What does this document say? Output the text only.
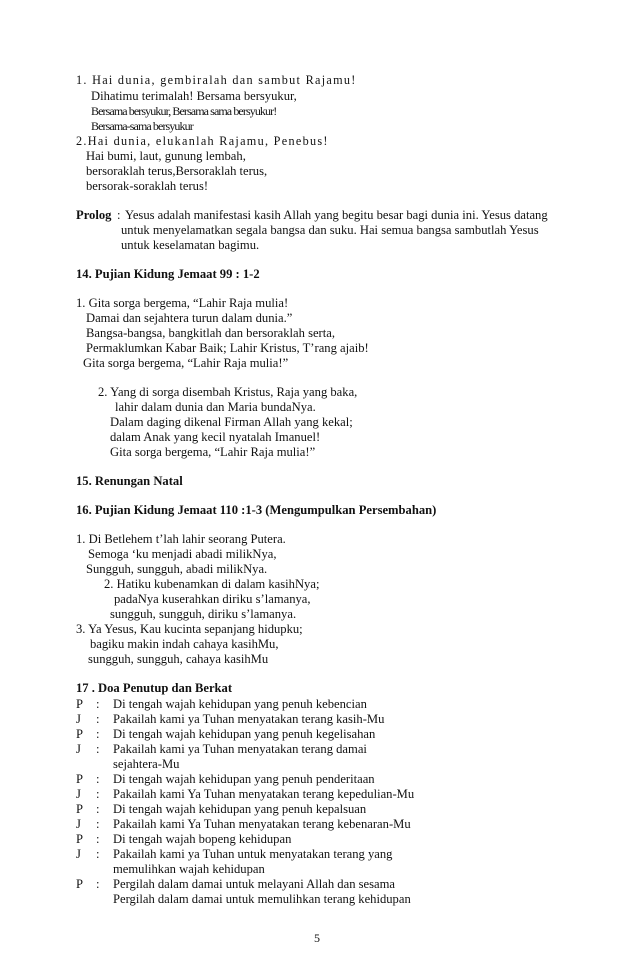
1. Hai dunia, gembiralah dan sambut Rajamu!
Dihatimu terimalah! Bersama bersyukur,
Bersama bersyukur, Bersama sama bersyukur!
Bersama-sama bersyukur
2.Hai dunia, elukanlah Rajamu, Penebus!
Hai bumi, laut, gunung lembah,
bersoraklah terus,Bersoraklah terus,
bersorak-soraklah terus!
Prolog : Yesus adalah manifestasi kasih Allah yang begitu besar bagi dunia ini. Yesus datang
untuk menyelamatkan segala bangsa dan suku. Hai semua bangsa sambutlah Yesus
untuk keselamatan bagimu.
14. Pujian Kidung Jemaat 99 : 1-2
1. Gita sorga bergema, “Lahir Raja mulia!
Damai dan sejahtera turun dalam dunia.”
Bangsa-bangsa, bangkitlah dan bersoraklah serta,
Permaklumkan Kabar Baik; Lahir Kristus, T’rang ajaib!
Gita sorga bergema, “Lahir Raja mulia!”
2. Yang di sorga disembah Kristus, Raja yang baka,
lahir dalam dunia dan Maria bundaNya.
Dalam daging dikenal Firman Allah yang kekal;
dalam Anak yang kecil nyatalah Imanuel!
Gita sorga bergema, “Lahir Raja mulia!”
15. Renungan Natal
16. Pujian Kidung Jemaat 110 :1-3 (Mengumpulkan Persembahan)
1. Di Betlehem t’lah lahir seorang Putera.
Semoga ‘ku menjadi abadi milikNya,
Sungguh, sungguh, abadi milikNya.
2. Hatiku kubenamkan di dalam kasihNya;
padaNya kuserahkan diriku s’lamanya,
sungguh, sungguh, diriku s’lamanya.
3. Ya Yesus, Kau kucinta sepanjang hidupku;
bagiku makin indah cahaya kasihMu,
sungguh, sungguh, cahaya kasihMu
17 . Doa Penutup dan Berkat
P : Di tengah wajah kehidupan yang penuh kebencian
J : Pakailah kami ya Tuhan menyatakan terang kasih-Mu
P : Di tengah wajah kehidupan yang penuh kegelisahan
J : Pakailah kami ya Tuhan menyatakan terang damai
sejahtera-Mu
P : Di tengah wajah kehidupan yang penuh penderitaan
J : Pakailah kami Ya Tuhan menyatakan terang kepedulian-Mu
P : Di tengah wajah kehidupan yang penuh kepalsuan
J : Pakailah kami Ya Tuhan menyatakan terang kebenaran-Mu
P : Di tengah wajah bopeng kehidupan
J : Pakailah kami ya Tuhan untuk menyatakan terang yang
memulihkan wajah kehidupan
P : Pergilah dalam damai untuk melayani Allah dan sesama
Pergilah dalam damai untuk memulihkan terang kehidupan
5
